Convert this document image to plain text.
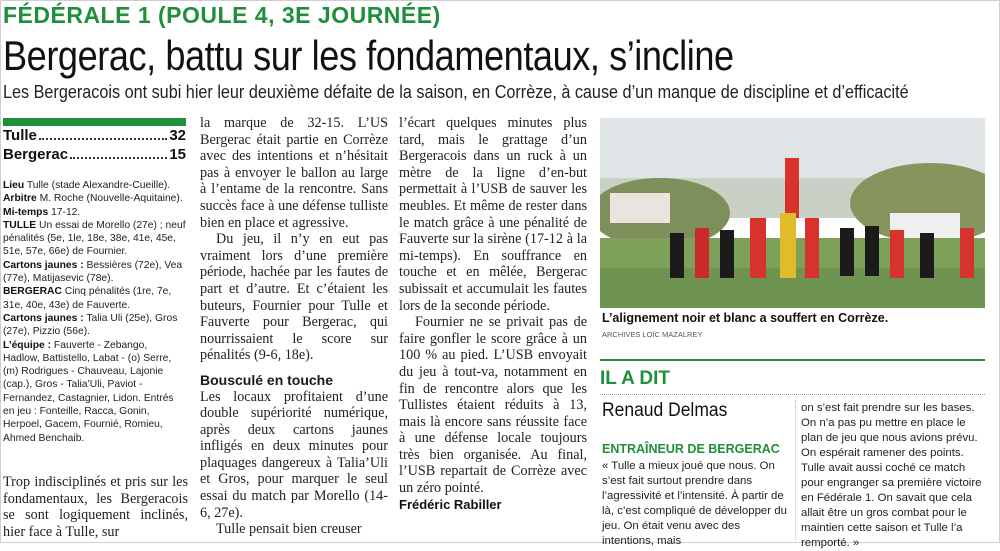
FÉDÉRALE 1 (POULE 4, 3E JOURNÉE)
Bergerac, battu sur les fondamentaux, s’incline
Les Bergeracois ont subi hier leur deuxième défaite de la saison, en Corrèze, à cause d’un manque de discipline et d’efficacité
Tulle	32
Bergerac	15

Lieu Tulle (stade Alexandre-Cueille).

Arbitre M. Roche (Nouvelle-Aquitaine). Mi-temps 17-12.

TULLE Un essai de Morello (27e) ; neuf pénalités (5e, 1le, 18e, 38e, 41e, 45e, 51e, 57e, 66e) de Fournier.

Cartons jaunes : Bessières (72e), Vea (77e), Matijasevic (78e).

BERGERAC Cinq pénalités (1re, 7e, 31e, 40e, 43e) de Fauverte.

Cartons jaunes : Talia Uli (25e), Gros (27e), Pizzio (56e).

L’équipe : Fauverte - Zebango, Hadlow, Battistello, Labat - (o) Serre, (m) Rodrigues - Chauveau, Lajonie (cap.), Gros - Talia’Uli, Paviot - Fernandez, Castagnier, Lidon. Entrés en jeu : Fonteille, Racca, Gonin, Herpoel, Gacem, Fournié, Romieu, Ahmed Benchaib.

Trop indisciplinés et pris sur les fondamentaux, les Bergeracois se sont logiquement inclinés, hier face à Tulle, sur

la marque de 32-15. L’US Bergerac était partie en Corrèze avec des intentions et n’hésitait pas à envoyer le ballon au large à l’entame de la rencontre. Sans succès face à une défense tulliste bien en place et agressive.

Du jeu, il n’y en eut pas vraiment lors d’une première période, hachée par les fautes de part et d’autre. Et c’étaient les buteurs, Fournier pour Tulle et Fauverte pour Bergerac, qui nourrissaient le score sur pénalités (9-6, 18e).

Bousculé en touche

Les locaux profitaient d’une double supériorité numérique, après deux cartons jaunes infligés en deux minutes pour plaquages dangereux à Talia’Uli et Gros, pour marquer le seul essai du match par Morello (14-6, 27e).

Tulle pensait bien creuser

l’écart quelques minutes plus tard, mais le grattage d’un Bergeracois dans un ruck à un mètre de la ligne d’en-but permettait à l’USB de sauver les meubles. Et même de rester dans le match grâce à une pénalité de Fauverte sur la sirène (17-12 à la mi-temps). En souffrance en touche et en mêlée, Bergerac subissait et accumulait les fautes lors de la seconde période.

Fournier ne se privait pas de faire gonfler le score grâce à un 100 % au pied. L’USB envoyait du jeu à tout-va, notamment en fin de rencontre alors que les Tullistes étaient réduits à 13, mais là encore sans réussite face à une défense locale toujours très bien organisée. Au final, l’USB repartait de Corrèze avec un zéro pointé.

Frédéric Rabiller
L’alignement noir et blanc a souffert en Corrèze.
ARCHIVES LOÏC MAZALREY
IL A DIT
Renaud Delmas
ENTRAÎNEUR DE BERGERAC
« Tulle a mieux joué que nous. On s’est fait surtout prendre dans l’agressivité et l’intensité. À partir de là, c’est compliqué de développer du jeu. On était venu avec des intentions, mais
on s’est fait prendre sur les bases. On n’a pas pu mettre en place le plan de jeu que nous avions prévu. On espérait ramener des points. Tulle avait aussi coché ce match pour engranger sa première victoire en Fédérale 1. On savait que cela allait être un gros combat pour le maintien cette saison et Tulle l’a remporté. »
